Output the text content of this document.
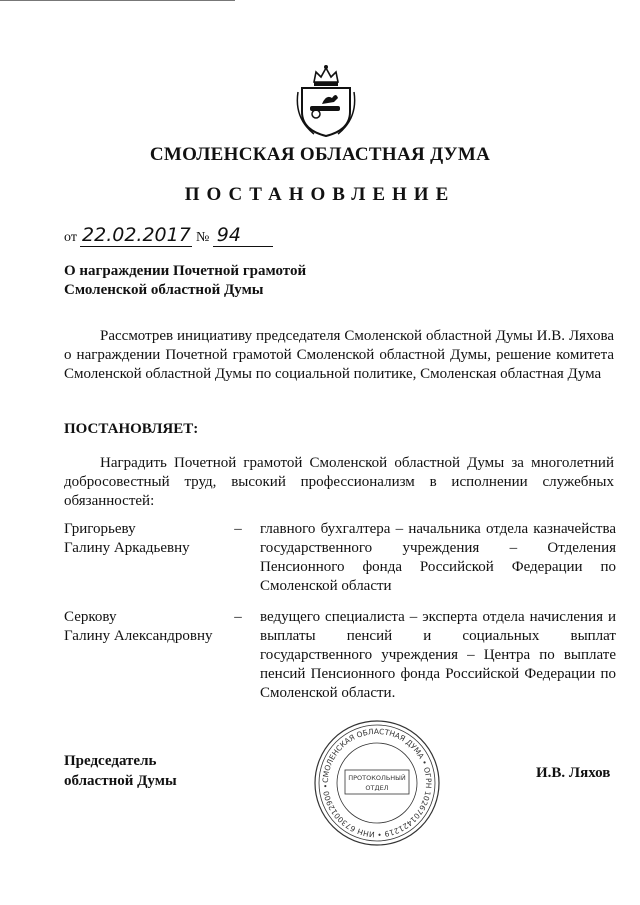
СМОЛЕНСКАЯ ОБЛАСТНАЯ ДУМА
ПОСТАНОВЛЕНИЕ
от 22.02.2017 № 94
О награждении Почетной грамотой
Смоленской областной Думы
Рассмотрев инициативу председателя Смоленской областной Думы И.В. Ляхова о награждении Почетной грамотой Смоленской областной Думы, решение комитета Смоленской областной Думы по социальной политике, Смоленская областная Дума
ПОСТАНОВЛЯЕТ:
Наградить Почетной грамотой Смоленской областной Думы за многолетний добросовестный труд, высокий профессионализм в исполнении служебных обязанностей:
Григорьеву
Галину Аркадьевну
–	главного бухгалтера – начальника отдела казначейства государственного учреждения – Отделения Пенсионного фонда Российской Федерации по Смоленской области
Серкову
Галину Александровну
–	ведущего специалиста – эксперта отдела начисления и выплаты пенсий и социальных выплат государственного учреждения – Центра по выплате пенсий Пенсионного фонда Российской Федерации по Смоленской области.
Председатель
областной Думы	И.В. Ляхов
СМОЛЕНСКАЯ ОБЛАСТНАЯ ДУМА • ОГРН 1026701421219 • ИНН 6730012900 •
ПРОТОКОЛЬНЫЙ
ОТДЕЛ
